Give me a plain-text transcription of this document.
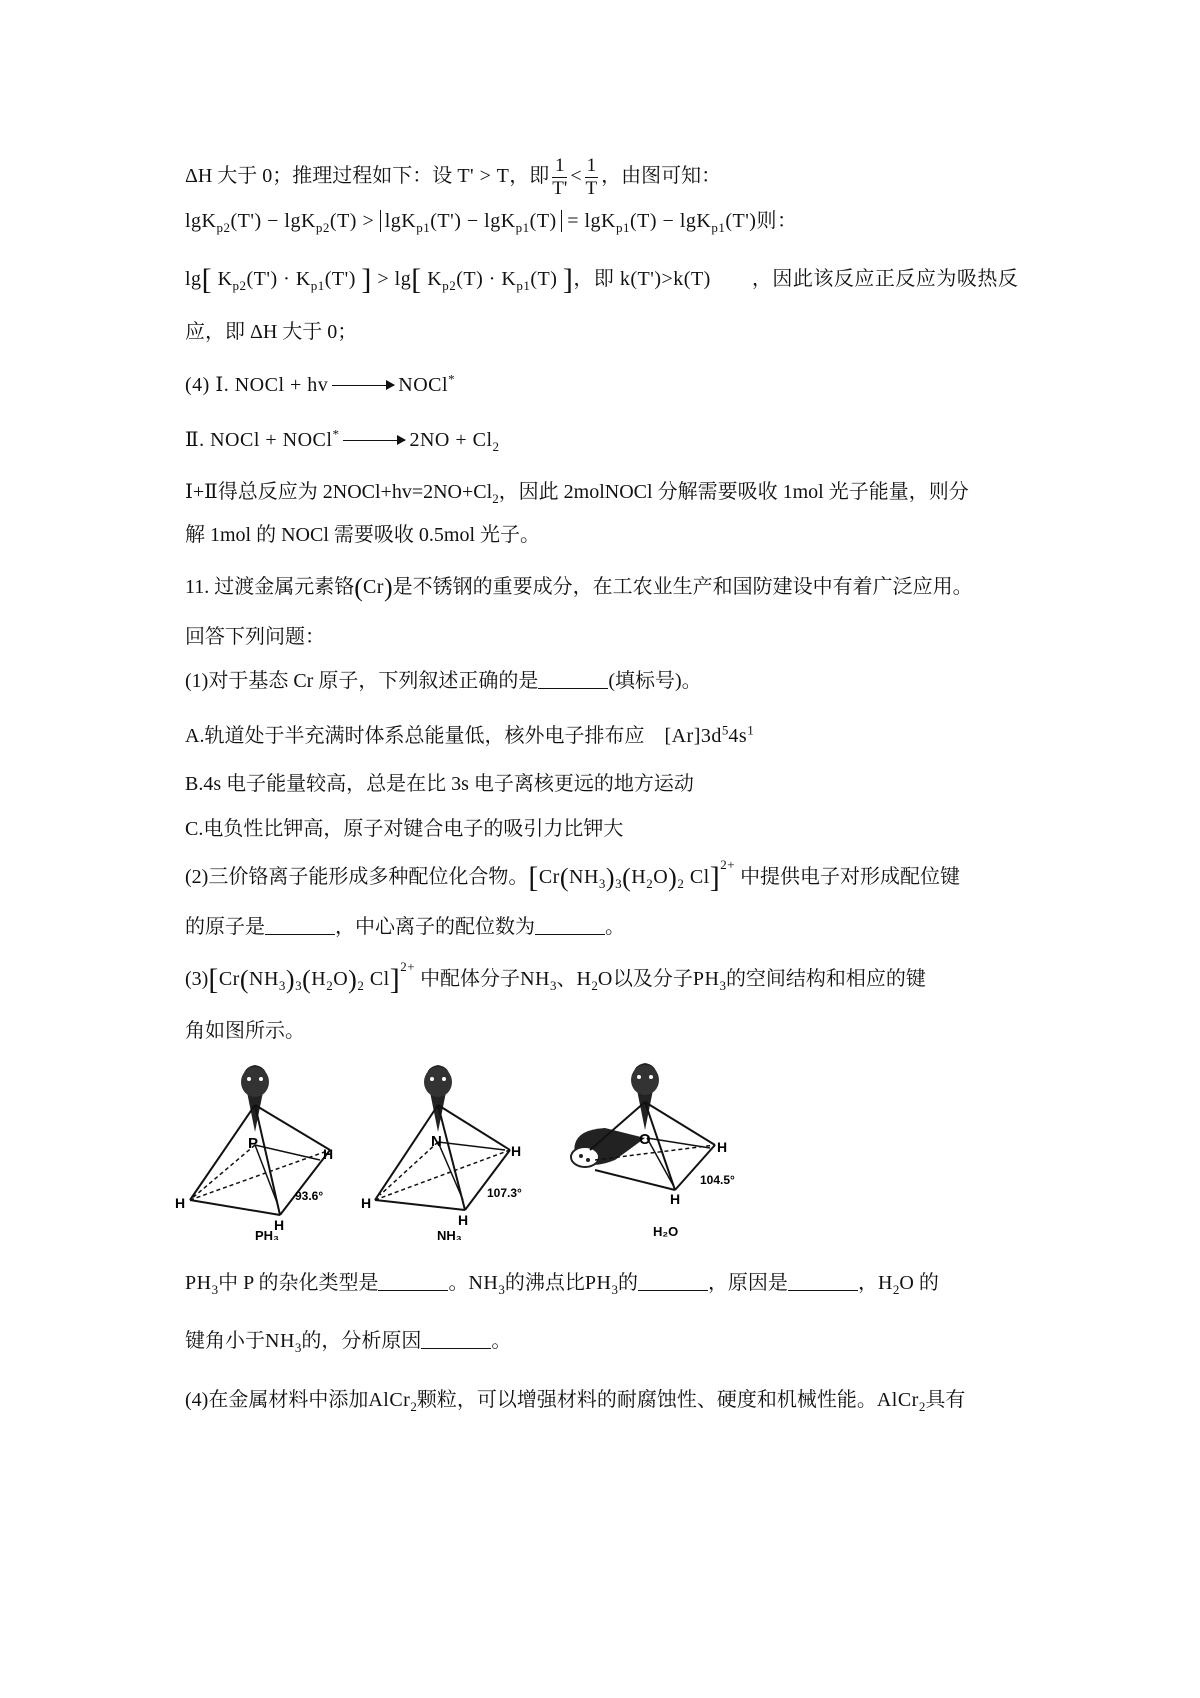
ΔH 大于 0；推理过程如下：设 T' > T，即 $\frac{1}{T'} < \frac{1}{T}$ ，由图可知：
lgK$_{p2}$(T') − lgK$_{p2}$(T) > lgK$_{p1}$(T') − lgK$_{p1}$(T) = lgK$_{p1}$(T) − lgK$_{p1}$(T')则：
lg[ $K_{p2}(T') \cdot K_{p1}(T')$ ] > lg[ $K_{p2}(T) \cdot K_{p1}(T)$ ]，即 k(T')>k(T)　　，因此该反应正反应为吸热反
应，即 ΔH 大于 0；
(4) Ⅰ. NOCl + hv	NOCl*
Ⅱ. NOCl + NOCl*	$2NO + Cl_2$
Ⅰ+Ⅱ得总反应为 $2NOCl+hv=2NO+Cl_2$，因此 2molNOCl 分解需要吸收 1mol 光子能量，则分
解 1mol 的 NOCl 需要吸收 0.5mol 光子。
11. 过渡金属元素铬(Cr)是不锈钢的重要成分，在工农业生产和国防建设中有着广泛应用。
回答下列问题：
(1)对于基态 Cr 原子，下列叙述正确的是	(填标号)。
A.轨道处于半充满时体系总能量低，核外电子排布应　$[Ar]3d^54s^1$
B.4s 电子能量较高，总是在比 3s 电子离核更远的地方运动
C.电负性比钾高，原子对键合电子的吸引力比钾大
(2)三价铬离子能形成多种配位化合物。[$Cr(NH_3)_3(H_2O)_2$ Cl]$^{2+}$ 中提供电子对形成配位键
的原子是	，中心离子的配位数为	。
$(3)[Cr(NH_3)_3(H_2O)_2$ Cl]$^{2+}$ 中配体分子$NH_3$、$H_2O$以及分子$PH_3$的空间结构和相应的键
角如图所示。
P
H
H
H
93.6°
PH₃
N
H
H
H
107.3°
NH₃
O	H
H
104.5°
H₂O
$PH_3$中 P 的杂化类型是	。$NH_3$的沸点比$PH_3$的	，原因是	，$H_2O$ 的
键角小于$NH_3$的，分析原因	。
(4)在金属材料中添加AlCr$_2$颗粒，可以增强材料的耐腐蚀性、硬度和机械性能。AlCr$_2$具有
